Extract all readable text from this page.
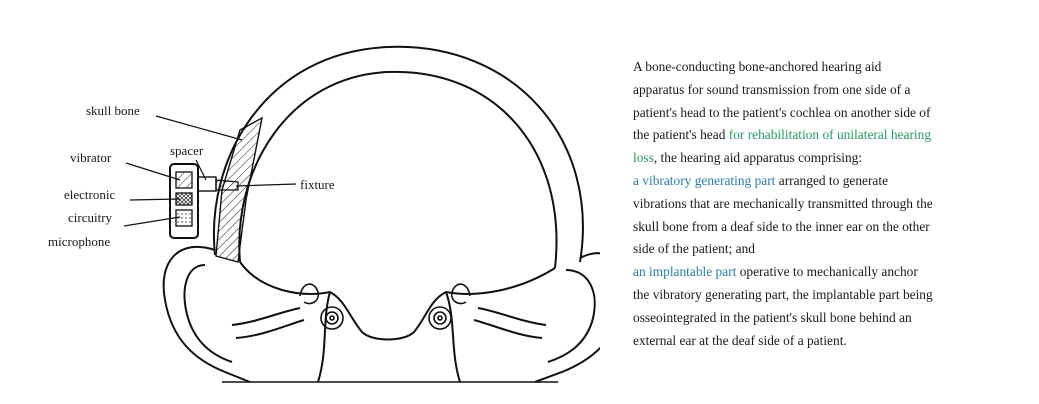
skull bone
vibrator	spacer
fixture
electronic
circuitry
microphone
A bone-conducting bone-anchored hearing aid
apparatus for sound transmission from one side of a
patient's head to the patient's cochlea on another side of
the patient's head for rehabilitation of unilateral hearing
loss, the hearing aid apparatus comprising:
a vibratory generating part arranged to generate
vibrations that are mechanically transmitted through the
skull bone from a deaf side to the inner ear on the other
side of the patient; and
an implantable part operative to mechanically anchor
the vibratory generating part, the implantable part being
osseointegrated in the patient's skull bone behind an
external ear at the deaf side of a patient.
